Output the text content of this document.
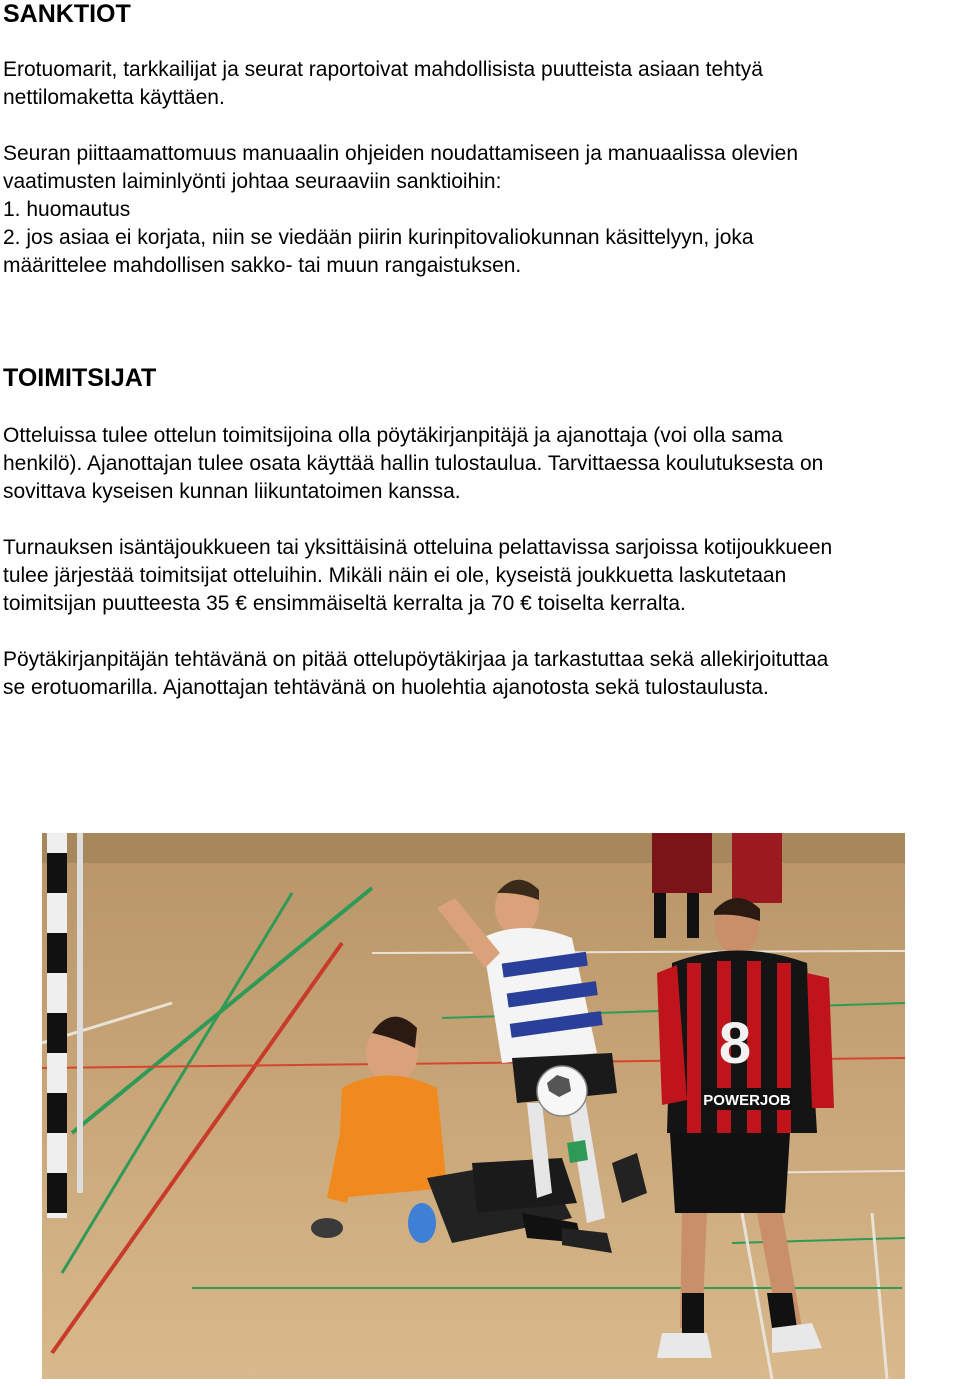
SANKTIOT
Erotuomarit, tarkkailijat ja seurat raportoivat mahdollisista puutteista asiaan tehtyä
nettilomaketta käyttäen.
Seuran piittaamattomuus manuaalin ohjeiden noudattamiseen ja manuaalissa olevien
vaatimusten laiminlyönti johtaa seuraaviin sanktioihin:
1. huomautus
2. jos asiaa ei korjata, niin se viedään piirin kurinpitovaliokunnan käsittelyyn, joka
määrittelee mahdollisen sakko- tai muun rangaistuksen.
TOIMITSIJAT
Otteluissa tulee ottelun toimitsijoina olla pöytäkirjanpitäjä ja ajanottaja (voi olla sama
henkilö). Ajanottajan tulee osata käyttää hallin tulostaulua. Tarvittaessa koulutuksesta on
sovittava kyseisen kunnan liikuntatoimen kanssa.
Turnauksen isäntäjoukkueen tai yksittäisinä otteluina pelattavissa sarjoissa kotijoukkueen
tulee järjestää toimitsijat otteluihin. Mikäli näin ei ole, kyseistä joukkuetta laskutetaan
toimitsijan puutteesta 35 € ensimmäiseltä kerralta ja 70 € toiselta kerralta.
Pöytäkirjanpitäjän tehtävänä on pitää ottelupöytäkirjaa ja tarkastuttaa sekä allekirjoituttaa
se erotuomarilla. Ajanottajan tehtävänä on huolehtia ajanotosta sekä tulostaulusta.
8
POWERJOB
